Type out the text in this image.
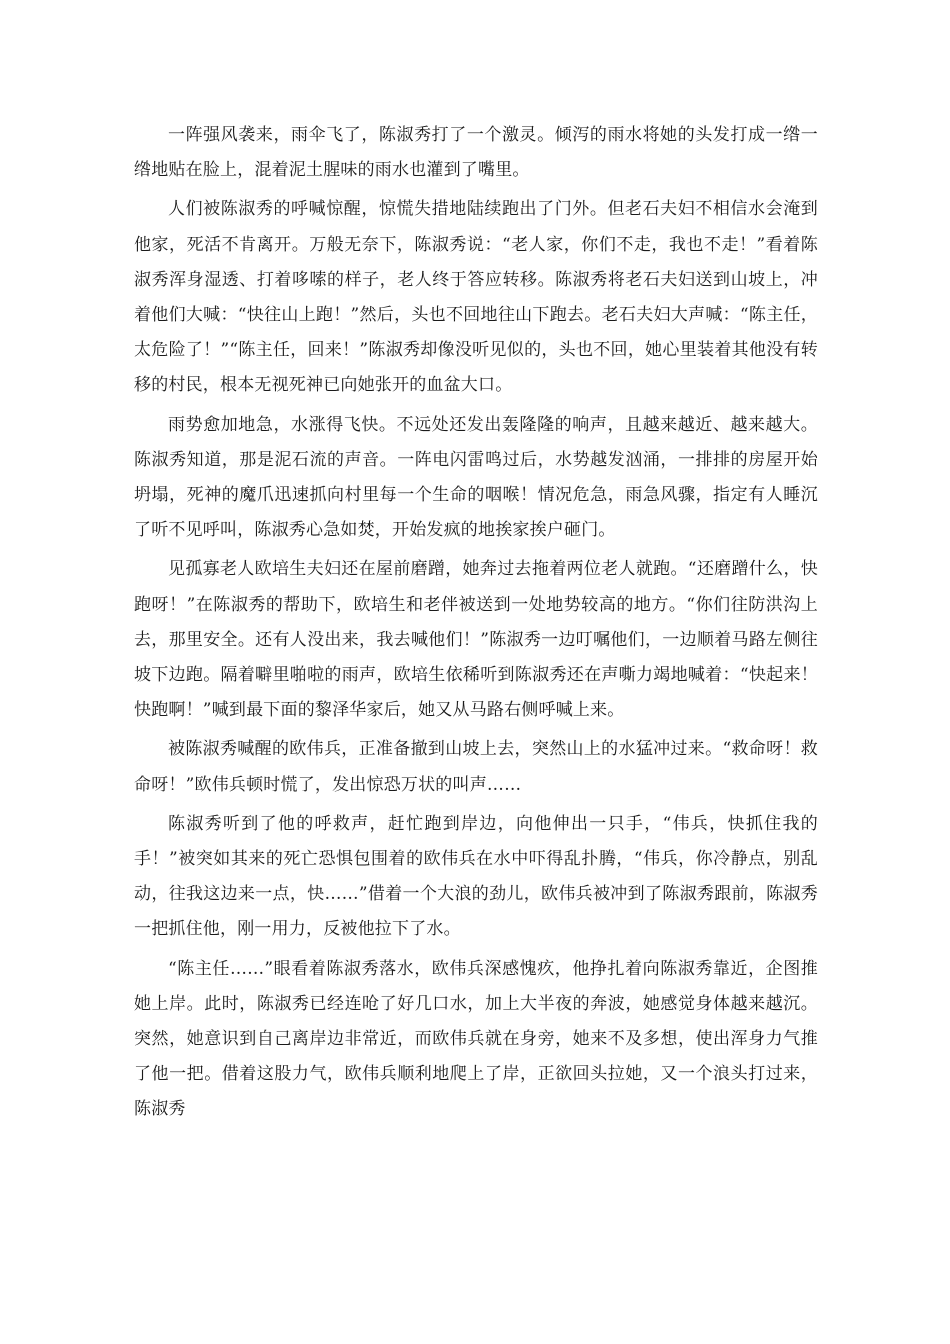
一阵强风袭来，雨伞飞了，陈淑秀打了一个激灵。倾泻的雨水将她的头发打成一绺一绺地贴在脸上，混着泥土腥味的雨水也灌到了嘴里。

人们被陈淑秀的呼喊惊醒，惊慌失措地陆续跑出了门外。但老石夫妇不相信水会淹到他家，死活不肯离开。万般无奈下，陈淑秀说：“老人家，你们不走，我也不走！”看着陈淑秀浑身湿透、打着哆嗦的样子，老人终于答应转移。陈淑秀将老石夫妇送到山坡上，冲着他们大喊：“快往山上跑！”然后，头也不回地往山下跑去。老石夫妇大声喊：“陈主任，太危险了！”“陈主任，回来！”陈淑秀却像没听见似的，头也不回，她心里装着其他没有转移的村民，根本无视死神已向她张开的血盆大口。

雨势愈加地急，水涨得飞快。不远处还发出轰隆隆的响声，且越来越近、越来越大。陈淑秀知道，那是泥石流的声音。一阵电闪雷鸣过后，水势越发汹涌，一排排的房屋开始坍塌，死神的魔爪迅速抓向村里每一个生命的咽喉！情况危急，雨急风骤，指定有人睡沉了听不见呼叫，陈淑秀心急如焚，开始发疯的地挨家挨户砸门。

见孤寡老人欧培生夫妇还在屋前磨蹭，她奔过去拖着两位老人就跑。“还磨蹭什么，快跑呀！”在陈淑秀的帮助下，欧培生和老伴被送到一处地势较高的地方。“你们往防洪沟上去，那里安全。还有人没出来，我去喊他们！”陈淑秀一边叮嘱他们，一边顺着马路左侧往坡下边跑。隔着噼里啪啦的雨声，欧培生依稀听到陈淑秀还在声嘶力竭地喊着：“快起来！快跑啊！”喊到最下面的黎泽华家后，她又从马路右侧呼喊上来。

被陈淑秀喊醒的欧伟兵，正准备撤到山坡上去，突然山上的水猛冲过来。“救命呀！救命呀！”欧伟兵顿时慌了，发出惊恐万状的叫声……

陈淑秀听到了他的呼救声，赶忙跑到岸边，向他伸出一只手，“伟兵，快抓住我的手！”被突如其来的死亡恐惧包围着的欧伟兵在水中吓得乱扑腾，“伟兵，你冷静点，别乱动，往我这边来一点，快……”借着一个大浪的劲儿，欧伟兵被冲到了陈淑秀跟前，陈淑秀一把抓住他，刚一用力，反被他拉下了水。

“陈主任……”眼看着陈淑秀落水，欧伟兵深感愧疚，他挣扎着向陈淑秀靠近，企图推她上岸。此时，陈淑秀已经连呛了好几口水，加上大半夜的奔波，她感觉身体越来越沉。突然，她意识到自己离岸边非常近，而欧伟兵就在身旁，她来不及多想，使出浑身力气推了他一把。借着这股力气，欧伟兵顺利地爬上了岸，正欲回头拉她，又一个浪头打过来，陈淑秀
